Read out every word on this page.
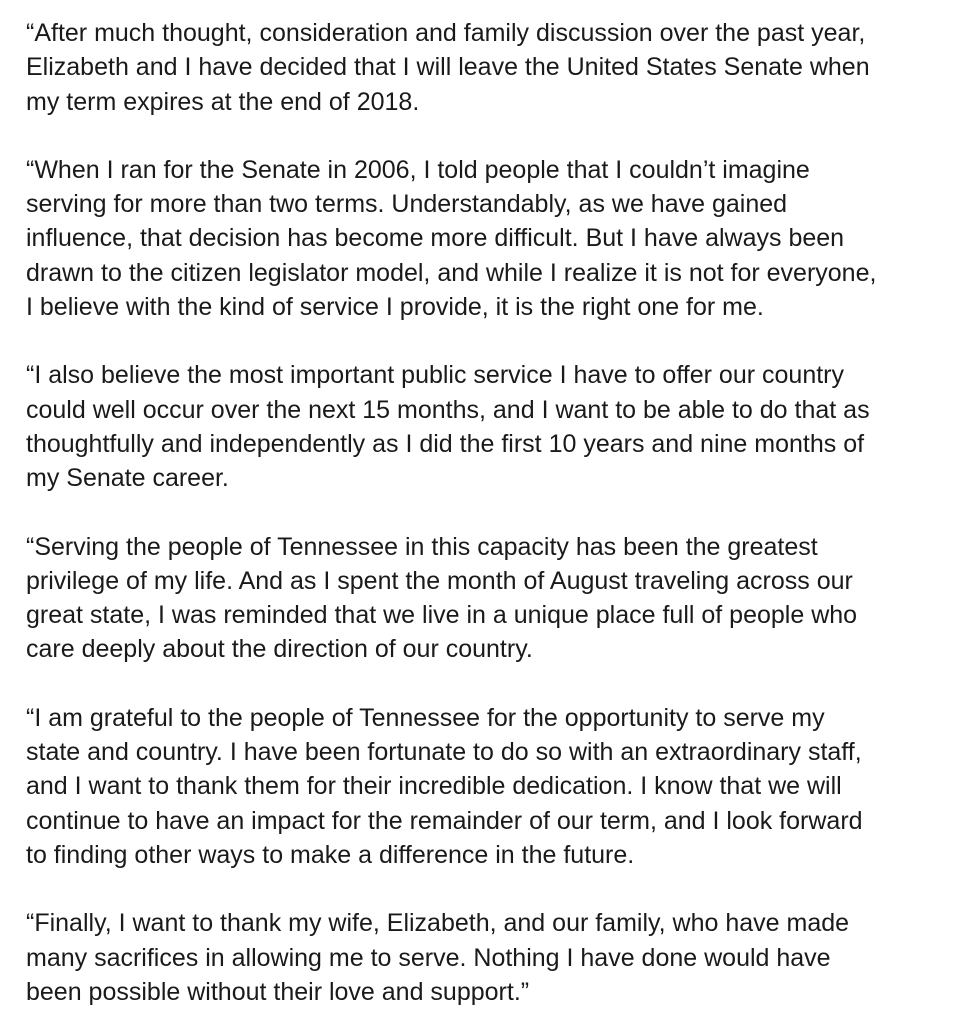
“After much thought, consideration and family discussion over the past year,
Elizabeth and I have decided that I will leave the United States Senate when
my term expires at the end of 2018.

“When I ran for the Senate in 2006, I told people that I couldn’t imagine
serving for more than two terms. Understandably, as we have gained
influence, that decision has become more difficult. But I have always been
drawn to the citizen legislator model, and while I realize it is not for everyone,
I believe with the kind of service I provide, it is the right one for me.

“I also believe the most important public service I have to offer our country
could well occur over the next 15 months, and I want to be able to do that as
thoughtfully and independently as I did the first 10 years and nine months of
my Senate career.

“Serving the people of Tennessee in this capacity has been the greatest
privilege of my life. And as I spent the month of August traveling across our
great state, I was reminded that we live in a unique place full of people who
care deeply about the direction of our country.

“I am grateful to the people of Tennessee for the opportunity to serve my
state and country. I have been fortunate to do so with an extraordinary staff,
and I want to thank them for their incredible dedication. I know that we will
continue to have an impact for the remainder of our term, and I look forward
to finding other ways to make a difference in the future.

“Finally, I want to thank my wife, Elizabeth, and our family, who have made
many sacrifices in allowing me to serve. Nothing I have done would have
been possible without their love and support.”
